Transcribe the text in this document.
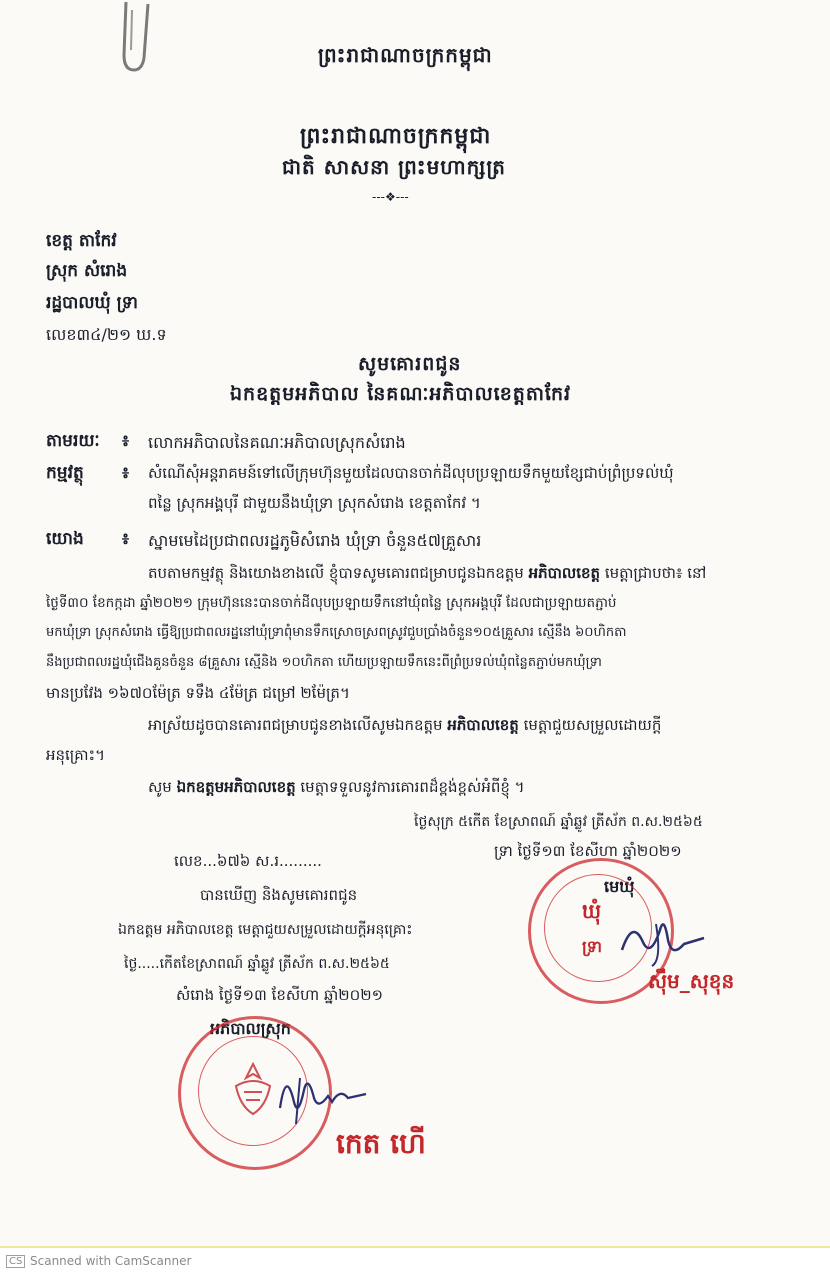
ព្រះរាជាណាចក្រកម្ពុជា
ព្រះរាជាណាចក្រកម្ពុជា
ជាតិ សាសនា ព្រះមហាក្សត្រ
---❖---
ខេត្ត តាកែវ
ស្រុក សំរោង
រដ្ឋបាលឃុំ ទ្រា
លេខ៣៤/២១ ឃ.ទ
សូមគោរពជូន
ឯកឧត្តមអភិបាល នៃគណៈអភិបាលខេត្តតាកែវ
តាមរយៈ ៖ លោកអភិបាលនៃគណៈអភិបាលស្រុកសំរោង
កម្មវត្ថុ ៖ សំណើសុំអន្តរាគមន៍ទៅលើក្រុមហ៊ុនមួយដែលបានចាក់ដីលុបប្រឡាយទឹកមួយខ្សែជាប់ព្រំប្រទល់ឃុំ
ពន្លៃ ស្រុកអង្គបុរី ជាមួយនឹងឃុំទ្រា ស្រុកសំរោង ខេត្តតាកែវ ។
យោង ៖ ស្នាមមេដៃប្រជាពលរដ្ឋភូមិសំរោង ឃុំទ្រា ចំនួន៥៧គ្រួសារ
តបតាមកម្មវត្ថុ និងយោងខាងលើ ខ្ញុំបាទសូមគោរពជម្រាបជូនឯកឧត្តម អភិបាលខេត្ត មេត្តាជ្រាបថា៖ នៅ
ថ្ងៃទី៣០ ខែកក្កដា ឆ្នាំ២០២១ ក្រុមហ៊ុននេះបានចាក់ដីលុបប្រឡាយទឹកនៅឃុំពន្លៃ ស្រុកអង្គបុរី ដែលជាប្រឡាយតភ្ជាប់
មកឃុំទ្រា ស្រុកសំរោង ធ្វើឱ្យប្រជាពលរដ្ឋនៅឃុំទ្រាពុំមានទឹកស្រោចស្រពស្រូវជួបប្រាំងចំនួន១០៥គ្រួសារ ស្មើនឹង ៦០ហិកតា
នឹងប្រជាពលរដ្ឋឃុំជើងគួនចំនួន ៨គ្រួសារ ស្មើនិង ១០ហិកតា ហើយប្រឡាយទឹកនេះពីព្រំប្រទល់ឃុំពន្លៃតភ្ជាប់មកឃុំទ្រា
មានប្រវែង ១៦៧០ម៉ែត្រ ទទឹង ៤ម៉ែត្រ ជម្រៅ ២ម៉ែត្រ។
អាស្រ័យដូចបានគោរពជម្រាបជូនខាងលើសូមឯកឧត្តម អភិបាលខេត្ត មេត្តាជួយសម្រួលដោយក្តី
អនុគ្រោះ។
សូម ឯកឧត្តមអភិបាលខេត្ត មេត្តាទទួលនូវការគោរពដ៏ខ្ពង់ខ្ពស់អំពីខ្ញុំ ។
ថ្ងៃសុក្រ ៥កើត ខែស្រាពណ៍ ឆ្នាំឆ្លូវ ត្រីស័ក ព.ស.២៥៦៥
ទ្រា ថ្ងៃទី១៣ ខែសីហា ឆ្នាំ២០២១
មេឃុំ
ឃុំ
ទ្រា
ស៊ឹម_សុខុន
លេខ...៦៧៦ ស.រ.........
បានឃើញ និងសូមគោរពជូន
ឯកឧត្តម អភិបាលខេត្ត មេត្តាជួយសម្រួលដោយក្តីអនុគ្រោះ
ថ្ងៃ.....កើតខែស្រាពណ៍ ឆ្នាំឆ្លូវ ត្រីស័ក ព.ស.២៥៦៥
សំរោង ថ្ងៃទី១៣ ខែសីហា ឆ្នាំ២០២១
អភិបាលស្រុក
កេត ហើ
CS Scanned with CamScanner
